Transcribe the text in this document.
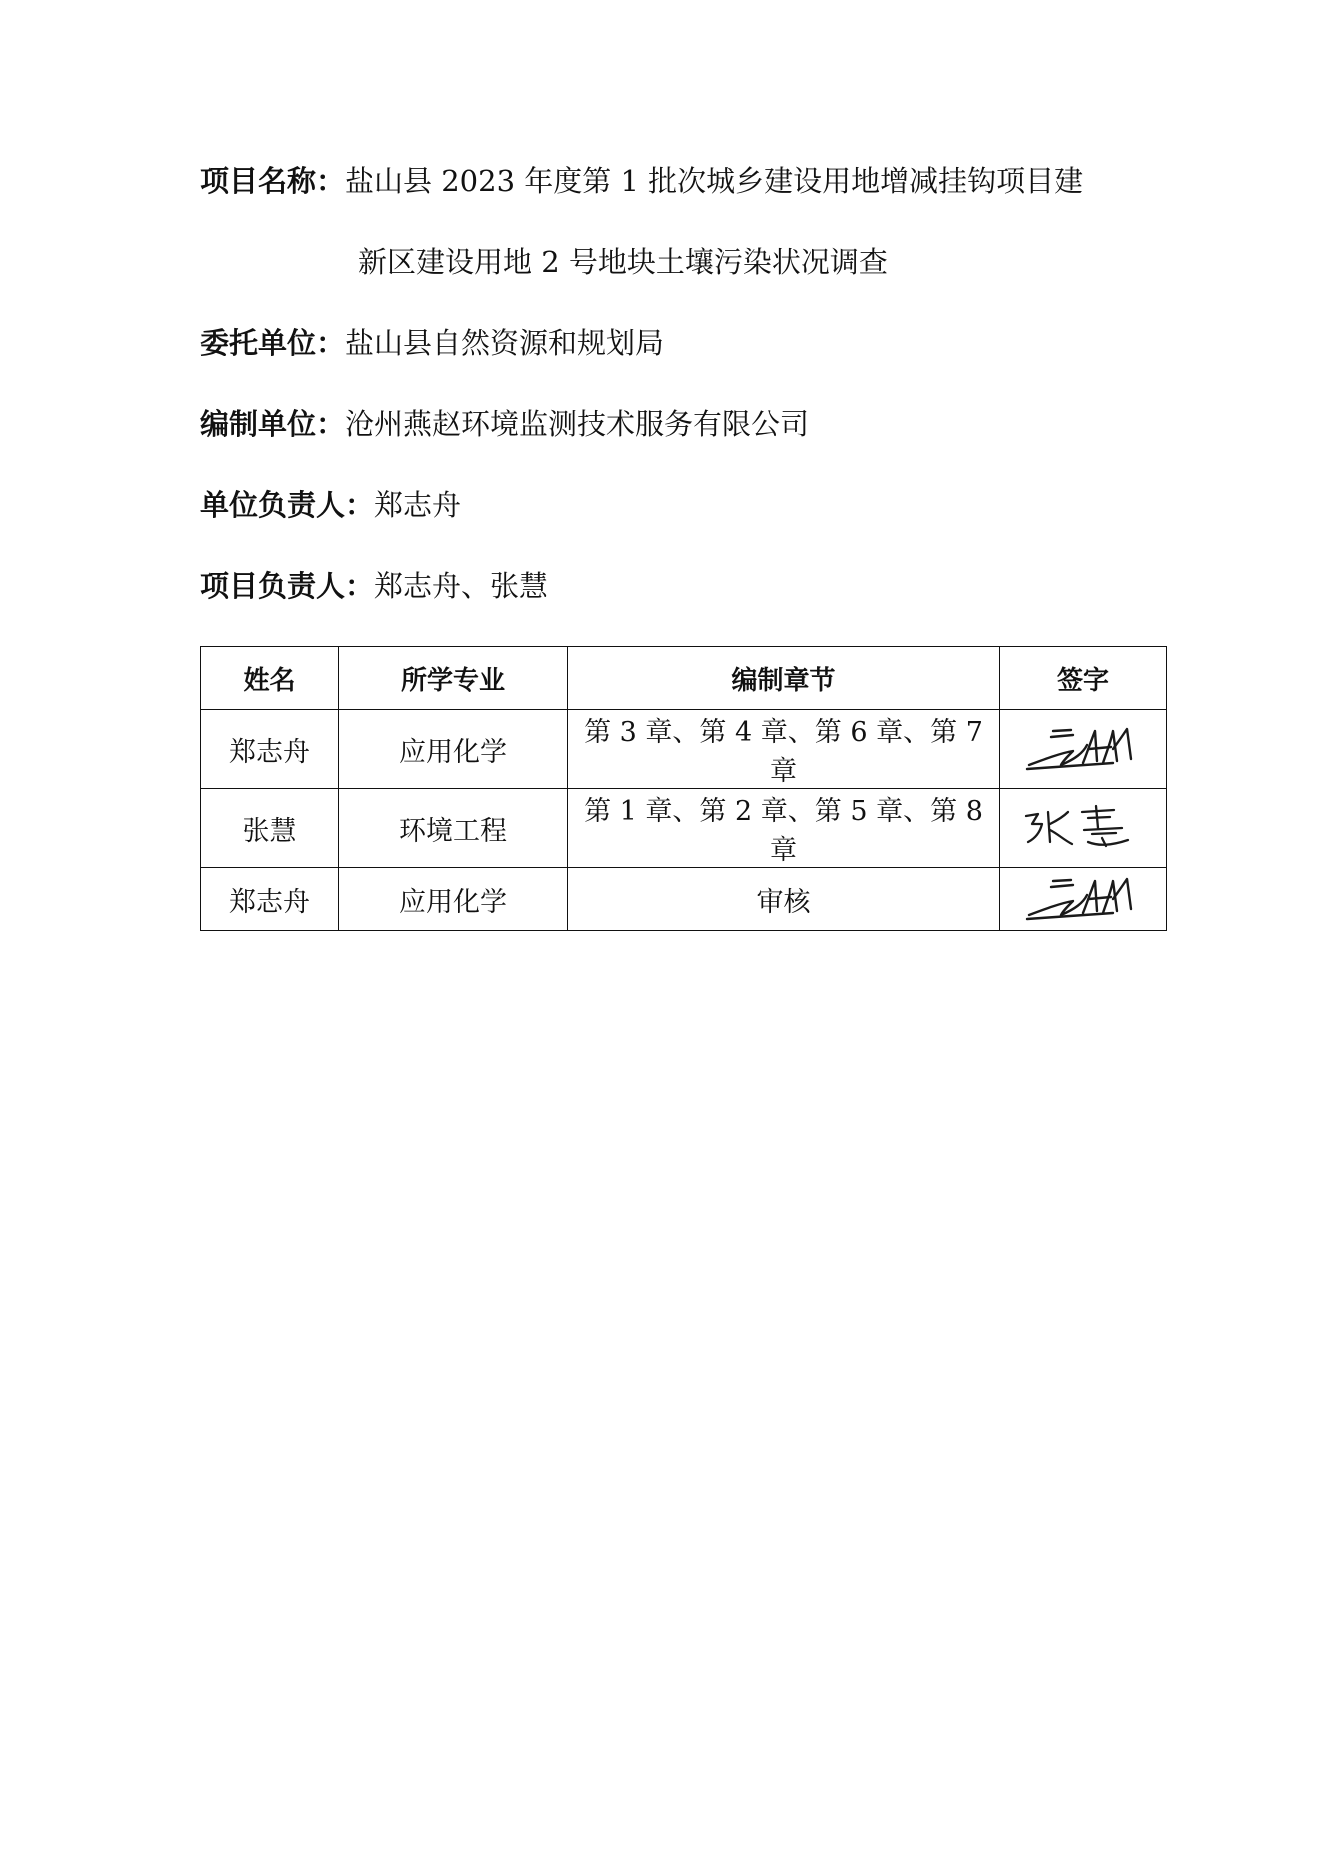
项目名称：盐山县 2023 年度第 1 批次城乡建设用地增减挂钩项目建
新区建设用地 2 号地块土壤污染状况调查
委托单位：盐山县自然资源和规划局
编制单位：沧州燕赵环境监测技术服务有限公司
单位负责人：郑志舟
项目负责人：郑志舟、张慧
姓名	所学专业	编制章节	签字
郑志舟	应用化学	第 3 章、第 4 章、第 6 章、第 7 章	

张慧	环境工程	第 1 章、第 2 章、第 5 章、第 8 章	

郑志舟	应用化学	审核	
